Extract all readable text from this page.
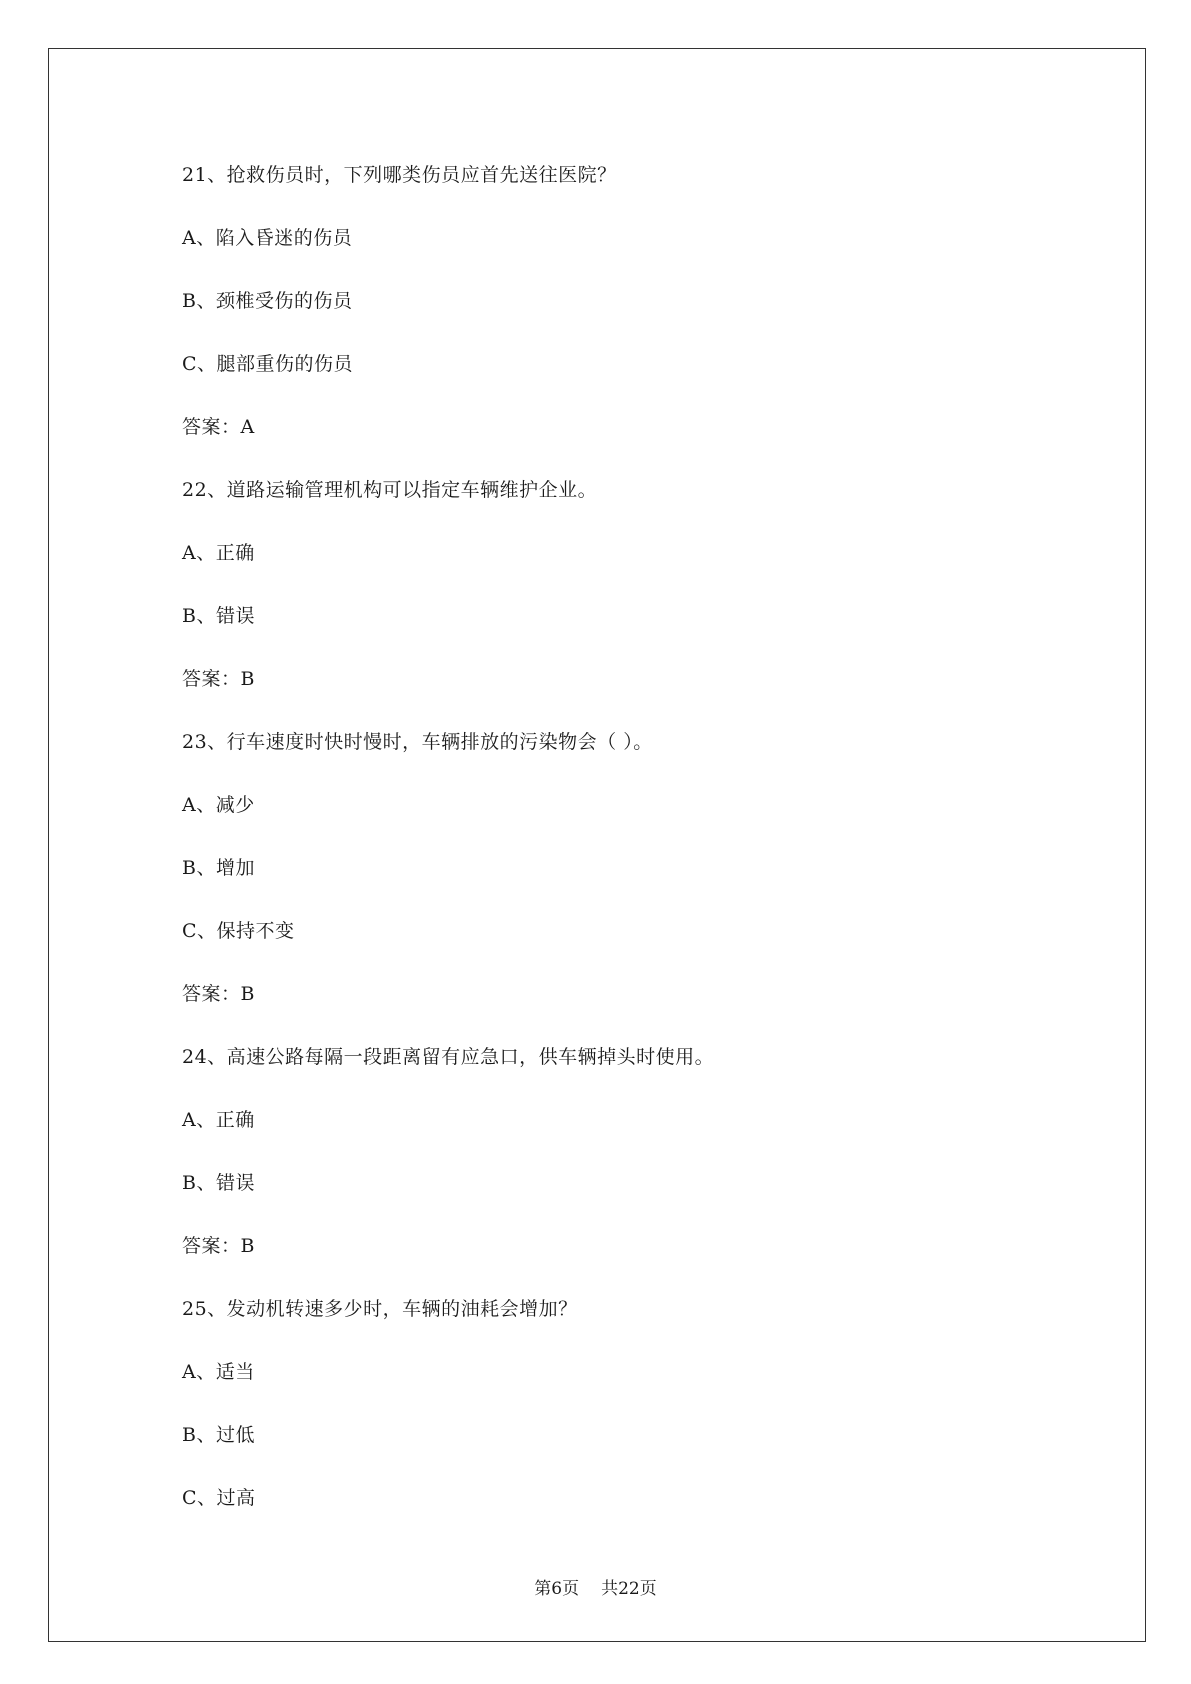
21、抢救伤员时，下列哪类伤员应首先送往医院？
A、陷入昏迷的伤员
B、颈椎受伤的伤员
C、腿部重伤的伤员
答案：A
22、道路运输管理机构可以指定车辆维护企业。
A、正确
B、错误
答案：B
23、行车速度时快时慢时，车辆排放的污染物会（ ）。
A、减少
B、增加
C、保持不变
答案：B
24、高速公路每隔一段距离留有应急口，供车辆掉头时使用。
A、正确
B、错误
答案：B
25、发动机转速多少时，车辆的油耗会增加？
A、适当
B、过低
C、过高
第6页 共22页
